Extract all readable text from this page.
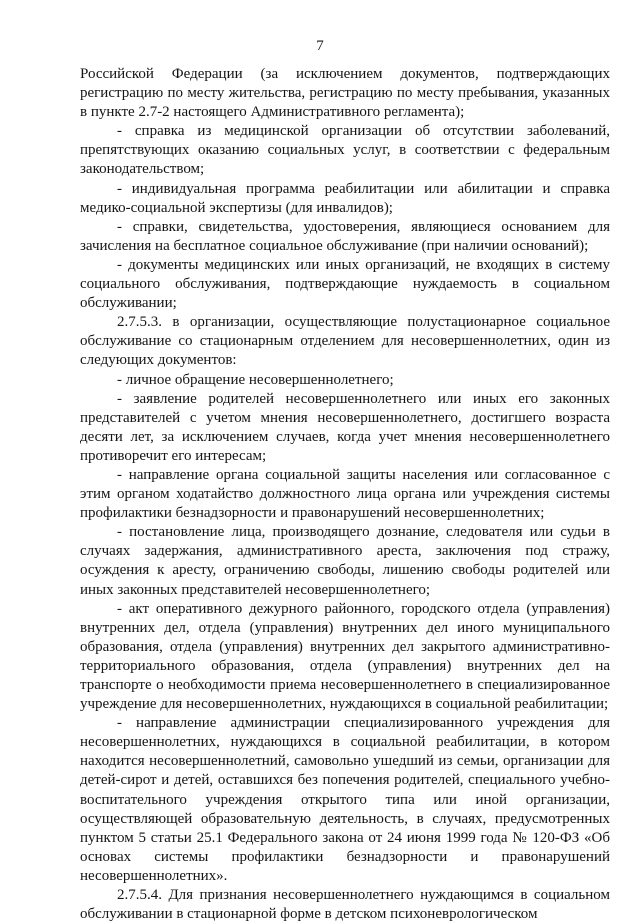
7

Российской Федерации (за исключением документов, подтверждающих регистрацию по месту жительства, регистрацию по месту пребывания, указанных в пункте 2.7-2 настоящего Административного регламента);

- справка из медицинской организации об отсутствии заболеваний, препятствующих оказанию социальных услуг, в соответствии с федеральным законодательством;

- индивидуальная программа реабилитации или абилитации и справка медико-социальной экспертизы (для инвалидов);

- справки, свидетельства, удостоверения, являющиеся основанием для зачисления на бесплатное социальное обслуживание (при наличии оснований);

- документы медицинских или иных организаций, не входящих в систему социального обслуживания, подтверждающие нуждаемость в социальном обслуживании;

2.7.5.3. в организации, осуществляющие полустационарное социальное обслуживание со стационарным отделением для несовершеннолетних, один из следующих документов:

- личное обращение несовершеннолетнего;

- заявление родителей несовершеннолетнего или иных его законных представителей с учетом мнения несовершеннолетнего, достигшего возраста десяти лет, за исключением случаев, когда учет мнения несовершеннолетнего противоречит его интересам;

- направление органа социальной защиты населения или согласованное с этим органом ходатайство должностного лица органа или учреждения системы профилактики безнадзорности и правонарушений несовершеннолетних;

- постановление лица, производящего дознание, следователя или судьи в случаях задержания, административного ареста, заключения под стражу, осуждения к аресту, ограничению свободы, лишению свободы родителей или иных законных представителей несовершеннолетнего;

- акт оперативного дежурного районного, городского отдела (управления) внутренних дел, отдела (управления) внутренних дел иного муниципального образования, отдела (управления) внутренних дел закрытого административно-территориального образования, отдела (управления) внутренних дел на транспорте о необходимости приема несовершеннолетнего в специализированное учреждение для несовершеннолетних, нуждающихся в социальной реабилитации;

- направление администрации специализированного учреждения для несовершеннолетних, нуждающихся в социальной реабилитации, в котором находится несовершеннолетний, самовольно ушедший из семьи, организации для детей-сирот и детей, оставшихся без попечения родителей, специального учебно-воспитательного учреждения открытого типа или иной организации, осуществляющей образовательную деятельность, в случаях, предусмотренных пунктом 5 статьи 25.1 Федерального закона от 24 июня 1999 года № 120-ФЗ «Об основах системы профилактики безнадзорности и правонарушений несовершеннолетних».

2.7.5.4. Для признания несовершеннолетнего нуждающимся в социальном обслуживании в стационарной форме в детском психоневрологическом
